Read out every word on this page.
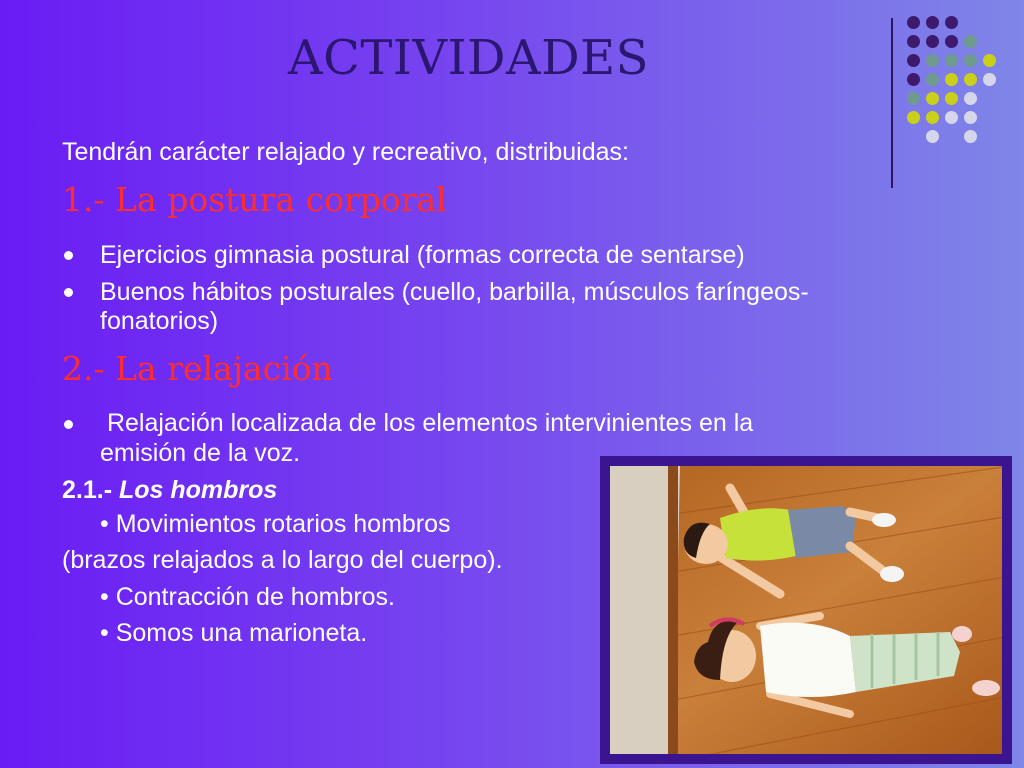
ACTIVIDADES
Tendrán carácter relajado y recreativo, distribuidas:
1.- La postura corporal
Ejercicios gimnasia postural (formas correcta de sentarse)
Buenos hábitos posturales (cuello, barbilla, músculos faríngeos-
fonatorios)
2.- La relajación
Relajación localizada de los elementos intervinientes en la
emisión de la voz.
2.1.- Los hombros
• Movimientos rotarios hombros
(brazos relajados a lo largo del cuerpo).
• Contracción de hombros.
• Somos una marioneta.
